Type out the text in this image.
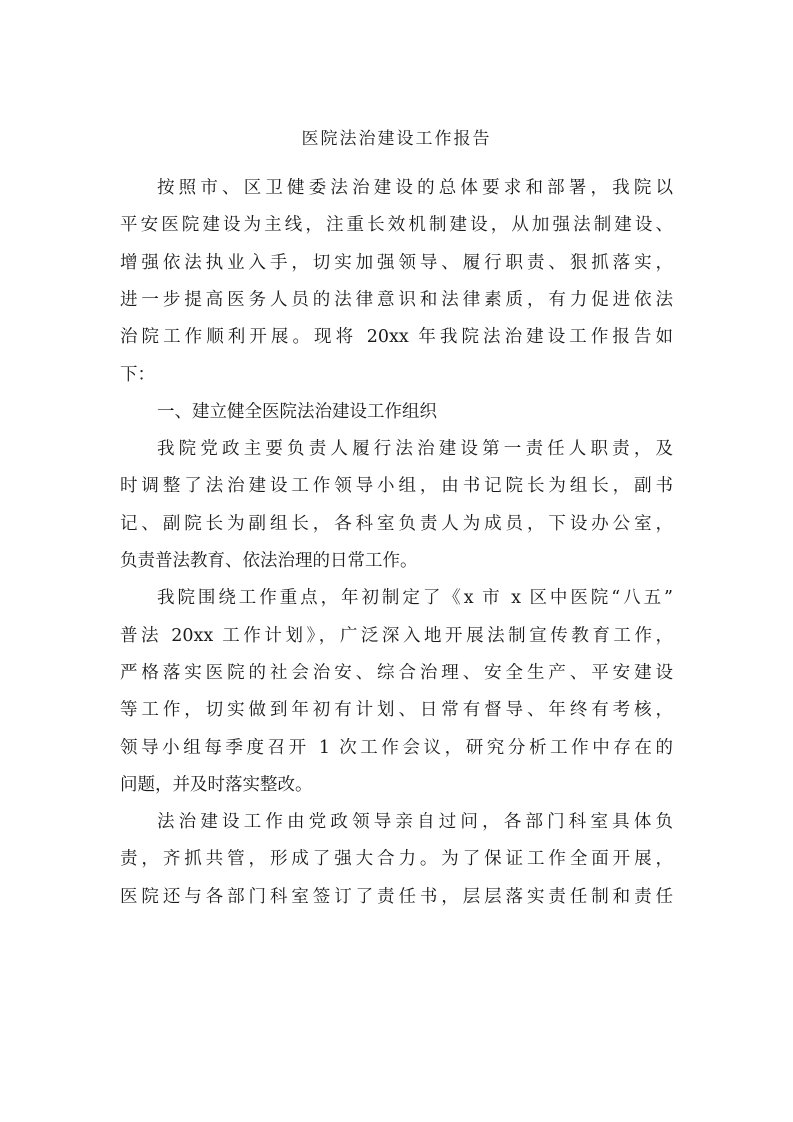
医院法治建设工作报告
按照市、区卫健委法治建设的总体要求和部署，我院以
平安医院建设为主线，注重长效机制建设，从加强法制建设、
增强依法执业入手，切实加强领导、履行职责、狠抓落实，
进一步提高医务人员的法律意识和法律素质，有力促进依法
治院工作顺利开展。现将 20xx 年我院法治建设工作报告如
下：
一、建立健全医院法治建设工作组织
我院党政主要负责人履行法治建设第一责任人职责，及
时调整了法治建设工作领导小组，由书记院长为组长，副书
记、副院长为副组长，各科室负责人为成员，下设办公室，
负责普法教育、依法治理的日常工作。
我院围绕工作重点，年初制定了《x 市 x 区中医院“八五”
普法 20xx 工作计划》，广泛深入地开展法制宣传教育工作，
严格落实医院的社会治安、综合治理、安全生产、平安建设
等工作，切实做到年初有计划、日常有督导、年终有考核，
领导小组每季度召开 1 次工作会议，研究分析工作中存在的
问题，并及时落实整改。
法治建设工作由党政领导亲自过问，各部门科室具体负
责，齐抓共管，形成了强大合力。为了保证工作全面开展，
医院还与各部门科室签订了责任书，层层落实责任制和责任
